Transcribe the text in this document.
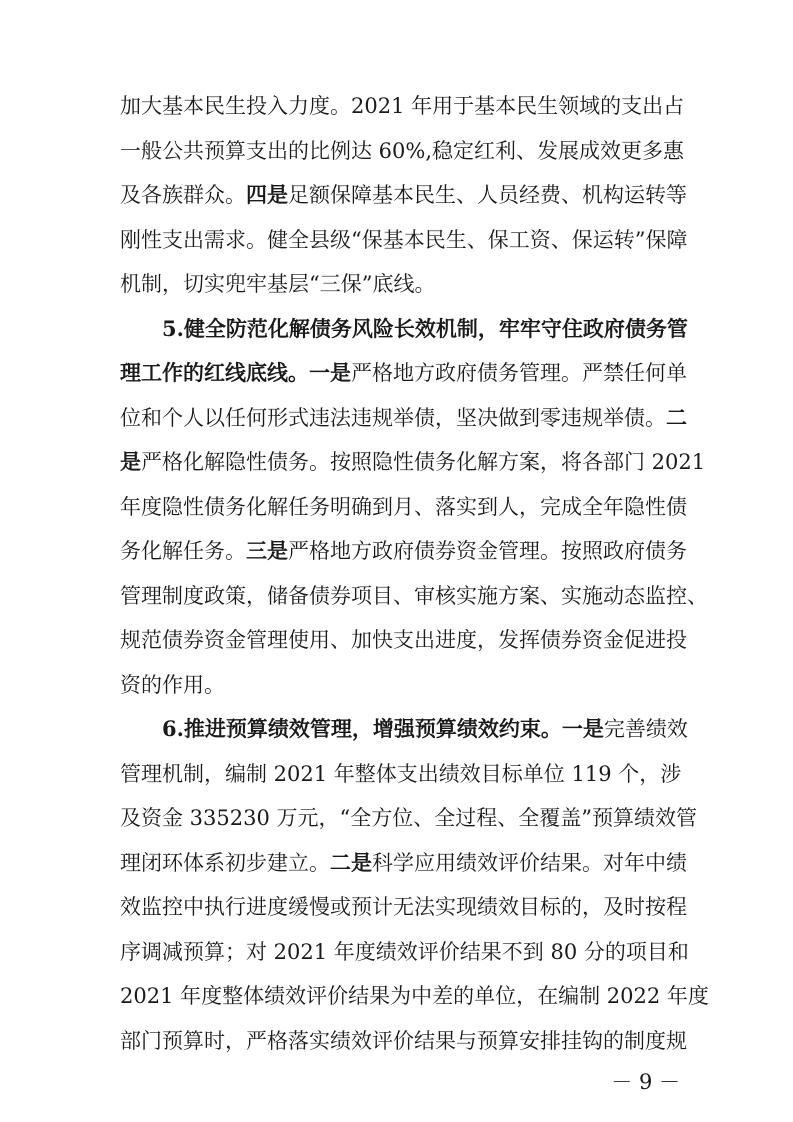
加大基本民生投入力度。2021 年用于基本民生领域的支出占
一般公共预算支出的比例达 60%,稳定红利、发展成效更多惠
及各族群众。四是足额保障基本民生、人员经费、机构运转等
刚性支出需求。健全县级“保基本民生、保工资、保运转”保障
机制，切实兜牢基层“三保”底线。
5.健全防范化解债务风险长效机制，牢牢守住政府债务管
理工作的红线底线。一是严格地方政府债务管理。严禁任何单
位和个人以任何形式违法违规举债，坚决做到零违规举债。二
是严格化解隐性债务。按照隐性债务化解方案，将各部门 2021
年度隐性债务化解任务明确到月、落实到人，完成全年隐性债
务化解任务。三是严格地方政府债券资金管理。按照政府债务
管理制度政策，储备债券项目、审核实施方案、实施动态监控、
规范债券资金管理使用、加快支出进度，发挥债券资金促进投
资的作用。
6.推进预算绩效管理，增强预算绩效约束。一是完善绩效
管理机制，编制 2021 年整体支出绩效目标单位 119 个，涉
及资金 335230 万元，“全方位、全过程、全覆盖”预算绩效管
理闭环体系初步建立。二是科学应用绩效评价结果。对年中绩
效监控中执行进度缓慢或预计无法实现绩效目标的，及时按程
－ 9 －
序调减预算；对 2021 年度绩效评价结果不到 80 分的项目和
2021 年度整体绩效评价结果为中差的单位，在编制 2022 年度
部门预算时，严格落实绩效评价结果与预算安排挂钩的制度规
